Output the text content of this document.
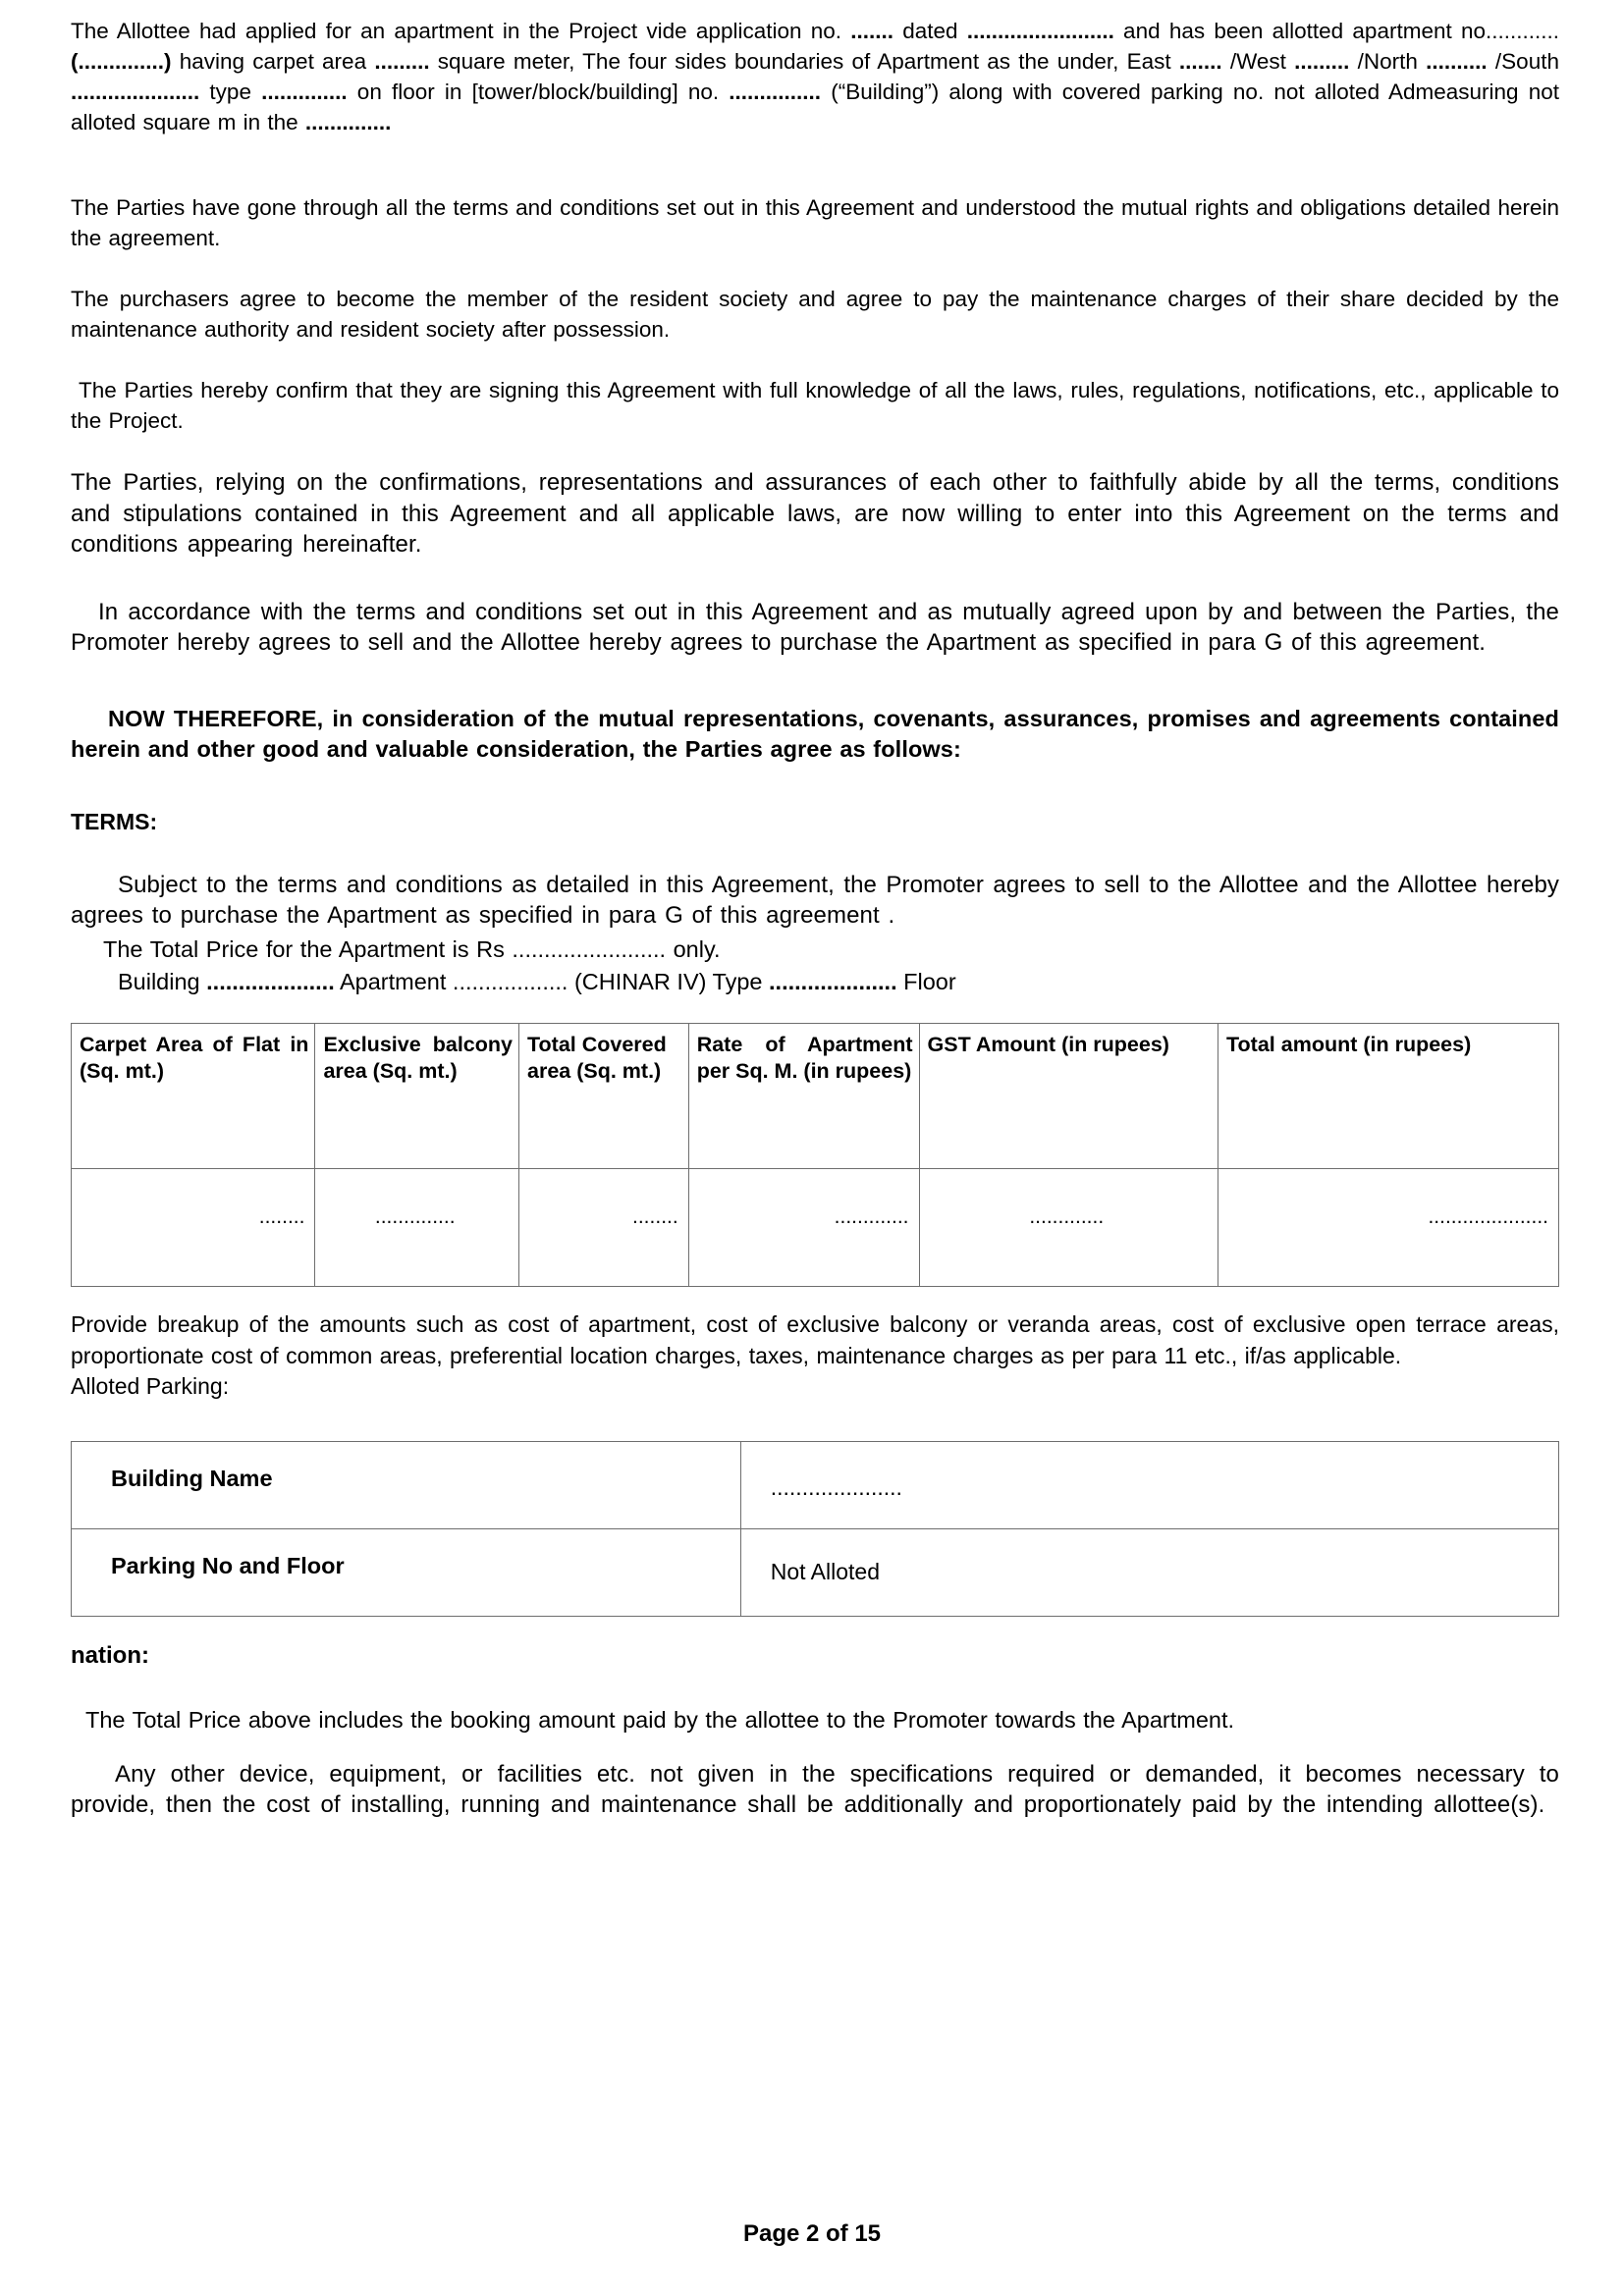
The Allottee had applied for an apartment in the Project vide application no. ....... dated ........................ and has been allotted apartment no............(..............) having carpet area ......... square meter, The four sides boundaries of Apartment as the under, East ....... /West ......... /North .......... /South ..................... type .............. on floor in [tower/block/building] no. ............... (“Building”) along with covered parking no. not alloted Admeasuring not alloted square m in the ..............

The Parties have gone through all the terms and conditions set out in this Agreement and understood the mutual rights and obligations detailed herein the agreement.

The purchasers agree to become the member of the resident society and agree to pay the maintenance charges of their share decided by the maintenance authority and resident society after possession.

The Parties hereby confirm that they are signing this Agreement with full knowledge of all the laws, rules, regulations, notifications, etc., applicable to the Project.

The Parties, relying on the confirmations, representations and assurances of each other to faithfully abide by all the terms, conditions and stipulations contained in this Agreement and all applicable laws, are now willing to enter into this Agreement on the terms and conditions appearing hereinafter.

In accordance with the terms and conditions set out in this Agreement and as mutually agreed upon by and between the Parties, the Promoter hereby agrees to sell and the Allottee hereby agrees to purchase the Apartment as specified in para G of this agreement.

NOW THEREFORE, in consideration of the mutual representations, covenants, assurances, promises and agreements contained herein and other good and valuable consideration, the Parties agree as follows:

TERMS:

Subject to the terms and conditions as detailed in this Agreement, the Promoter agrees to sell to the Allottee and the Allottee hereby agrees to purchase the Apartment as specified in para G of this agreement .

The Total Price for the Apartment is Rs ........................ only.

Building .................... Apartment .................. (CHINAR IV) Type .................... Floor

Carpet Area of Flat in (Sq. mt.)	Exclusive balcony area (Sq. mt.)	Total Covered area (Sq. mt.)	Rate of Apartment per Sq. M. (in rupees)	GST Amount (in rupees)	Total amount (in rupees)
........	..............	........	.............	.............	.....................

Provide breakup of the amounts such as cost of apartment, cost of exclusive balcony or veranda areas, cost of exclusive open terrace areas, proportionate cost of common areas, preferential location charges, taxes, maintenance charges as per para 11 etc., if/as applicable.

Alloted Parking:

Building Name	.....................
Parking No and Floor	Not Alloted

nation:

The Total Price above includes the booking amount paid by the allottee to the Promoter towards the Apartment.

Any other device, equipment, or facilities etc. not given in the specifications required or demanded, it becomes necessary to provide, then the cost of installing, running and maintenance shall be additionally and proportionately paid by the intending allottee(s).

Page 2 of 15
